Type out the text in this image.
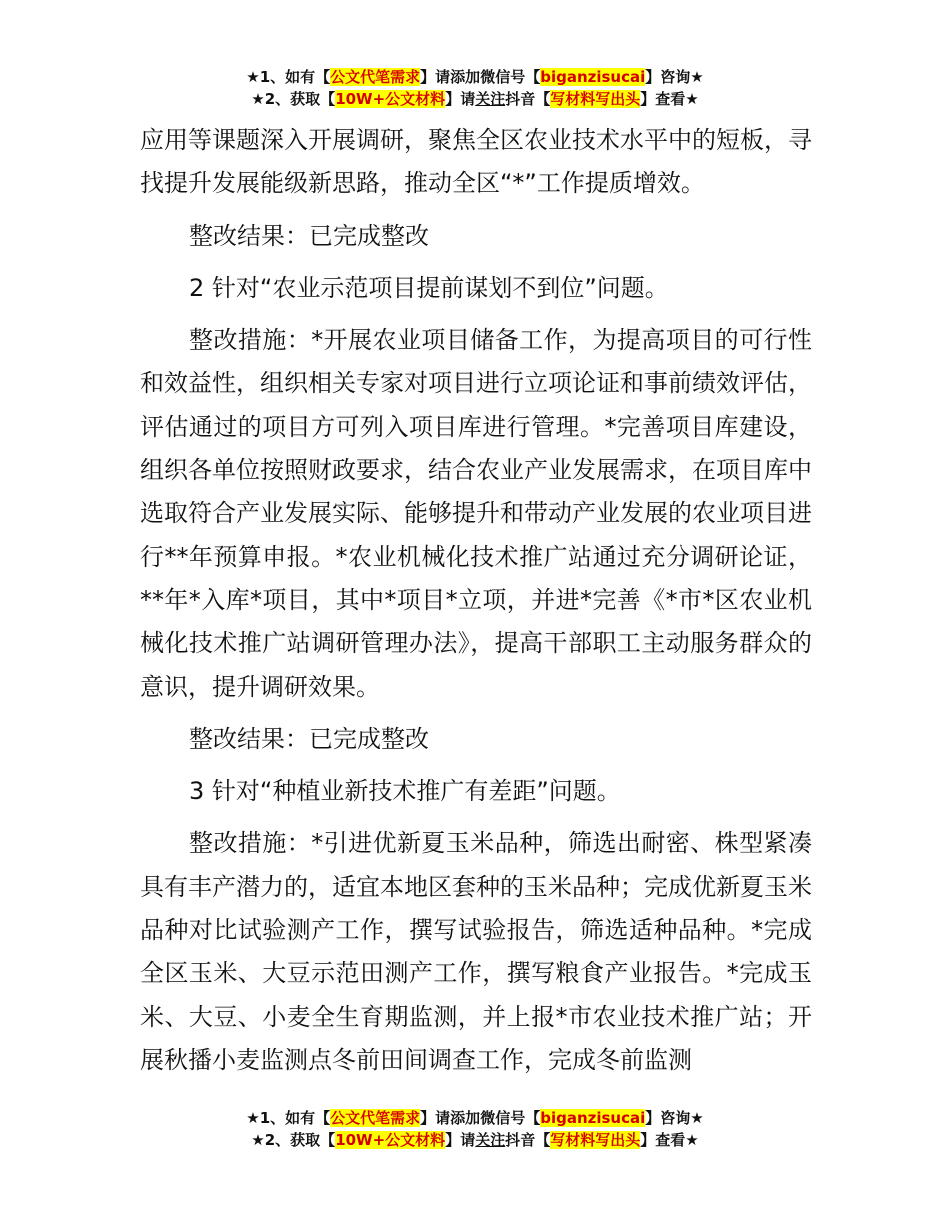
★1、如有【公文代笔需求】请添加微信号【biganzisucai】咨询★
★2、获取【10W+公文材料】请关注抖音【写材料写出头】查看★

应用等课题深入开展调研，聚焦全区农业技术水平中的短板，寻找提升发展能级新思路，推动全区“*”工作提质增效。

整改结果：已完成整改

2 针对“农业示范项目提前谋划不到位”问题。

整改措施：*开展农业项目储备工作，为提高项目的可行性和效益性，组织相关专家对项目进行立项论证和事前绩效评估，评估通过的项目方可列入项目库进行管理。*完善项目库建设，组织各单位按照财政要求，结合农业产业发展需求，在项目库中选取符合产业发展实际、能够提升和带动产业发展的农业项目进行**年预算申报。*农业机械化技术推广站通过充分调研论证，**年*入库*项目，其中*项目*立项，并进*完善《*市*区农业机械化技术推广站调研管理办法》，提高干部职工主动服务群众的意识，提升调研效果。

整改结果：已完成整改

3 针对“种植业新技术推广有差距”问题。

整改措施：*引进优新夏玉米品种，筛选出耐密、株型紧凑具有丰产潜力的，适宜本地区套种的玉米品种；完成优新夏玉米品种对比试验测产工作，撰写试验报告，筛选适种品种。*完成全区玉米、大豆示范田测产工作，撰写粮食产业报告。*完成玉米、大豆、小麦全生育期监测，并上报*市农业技术推广站；开展秋播小麦监测点冬前田间调查工作，完成冬前监测

★1、如有【公文代笔需求】请添加微信号【biganzisucai】咨询★
★2、获取【10W+公文材料】请关注抖音【写材料写出头】查看★
